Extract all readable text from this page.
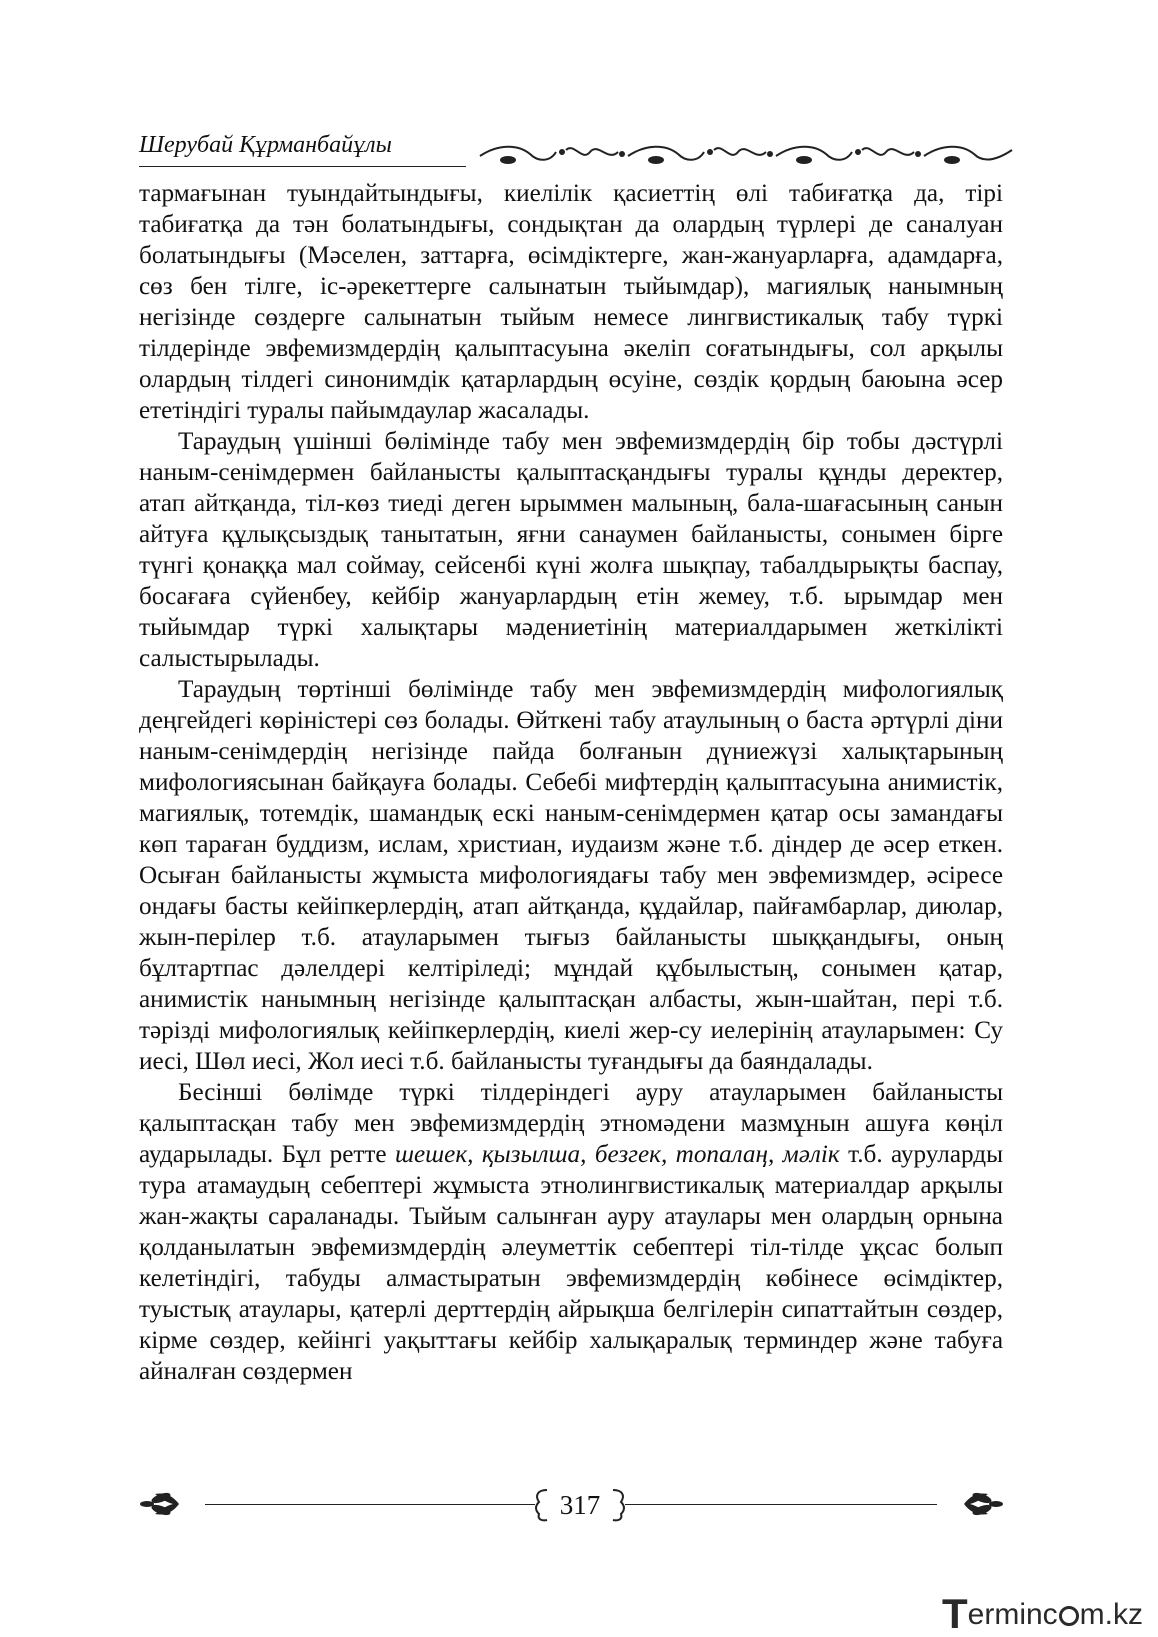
Шерубай Құрманбайұлы

тармағынан туындайтындығы, киелілік қасиеттің өлі табиғатқа да, тірі табиғатқа да тән болатындығы, сондықтан да олардың түрлері де саналуан болатындығы (Мәселен, заттарға, өсімдіктерге, жан-жануарларға, адамдарға, сөз бен тілге, іс-әрекеттерге салынатын тыйымдар), магиялық нанымның негізінде сөздерге салынатын тыйым немесе лингвистикалық табу түркі тілдерінде эвфемизмдердің қалыптасуына әкеліп соғатындығы, сол арқылы олардың тілдегі синонимдік қатарлардың өсуіне, сөздік қордың баюына әсер ететіндігі туралы пайымдаулар жасалады.

Тараудың үшінші бөлімінде табу мен эвфемизмдердің бір тобы дәстүрлі наным-сенімдермен байланысты қалыптасқандығы туралы құнды деректер, атап айтқанда, тіл-көз тиеді деген ырыммен малының, бала-шағасының санын айтуға құлықсыздық танытатын, яғни санаумен байланысты, сонымен бірге түнгі қонаққа мал соймау, сейсенбі күні жолға шықпау, табалдырықты баспау, босағаға сүйенбеу, кейбір жануарлардың етін жемеу, т.б. ырымдар мен тыйымдар түркі халықтары мәдениетінің материалдарымен жеткілікті салыстырылады.

Тараудың төртінші бөлімінде табу мен эвфемизмдердің мифологиялық деңгейдегі көріністері сөз болады. Өйткені табу атаулының о баста әртүрлі діни наным-сенімдердің негізінде пайда болғанын дүниежүзі халықтарының мифологиясынан байқауға болады. Себебі мифтердің қалыптасуына анимистік, магиялық, тотемдік, шамандық ескі наным-сенімдермен қатар осы замандағы көп тараған буддизм, ислам, христиан, иудаизм және т.б. діндер де әсер еткен. Осыған байланысты жұмыста мифологиядағы табу мен эвфемизмдер, әсіресе ондағы басты кейіпкерлердің, атап айтқанда, құдайлар, пайғамбарлар, диюлар, жын-перілер т.б. атауларымен тығыз байланысты шыққандығы, оның бұлтартпас дәлелдері келтіріледі; мұндай құбылыстың, сонымен қатар, анимистік нанымның негізінде қалыптасқан албасты, жын-шайтан, пері т.б. тәрізді мифологиялық кейіпкерлердің, киелі жер-су иелерінің атауларымен: Су иесі, Шөл иесі, Жол иесі т.б. байланысты туғандығы да баяндалады.

Бесінші бөлімде түркі тілдеріндегі ауру атауларымен байланысты қалыптасқан табу мен эвфемизмдердің этномәдени мазмұнын ашуға көңіл аударылады. Бұл ретте шешек, қызылша, безгек, топалаң, мәлік т.б. ауруларды тура атамаудың себептері жұмыста этнолингвистикалық материалдар арқылы жан-жақты сараланады. Тыйым салынған ауру атаулары мен олардың орнына қолданылатын эвфемизмдердің әлеуметтік себептері тіл-тілде ұқсас болып келетіндігі, табуды алмастыратын эвфемизмдердің көбінесе өсімдіктер, туыстық атаулары, қатерлі дерттердің айрықша белгілерін сипаттайтын сөздер, кірме сөздер, кейінгі уақыттағы кейбір халықаралық терминдер және табуға айналған сөздермен

317
Terminc m.kz
